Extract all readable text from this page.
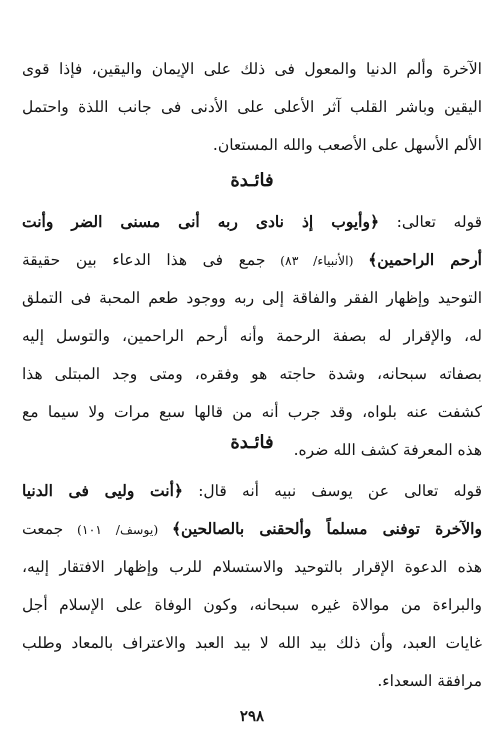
الآخرة وألم الدنيا والمعول فى ذلك على الإيمان واليقين، فإذا قوى
اليقين وباشر القلب آثر الأعلى على الأدنى فى جانب اللذة واحتمل
الألم الأسهل على الأصعب والله المستعان.
فائـدة
قوله تعالى: ﴿وأيوب إذ نادى ربه أنى مسنى الضر وأنت
أرحم الراحمين﴾ (الأنبياء/ ٨٣) جمع فى هذا الدعاء بين حقيقة
التوحيد وإظهار الفقر والفاقة إلى ربه ووجود طعم المحبة فى التملق
له، والإقرار له بصفة الرحمة وأنه أرحم الراحمين، والتوسل إليه
بصفاته سبحانه، وشدة حاجته هو وفقره، ومتى وجد المبتلى هذا
كشفت عنه بلواه، وقد جرب أنه من قالها سبع مرات ولا سيما مع
هذه المعرفة كشف الله ضره.
فائـدة
قوله تعالى عن يوسف نبيه أنه قال: ﴿أنت وليى فى الدنيا
والآخرة توفنى مسلماً وألحقنى بالصالحين﴾ (يوسف/ ١٠١) جمعت
هذه الدعوة الإقرار بالتوحيد والاستسلام للرب وإظهار الافتقار إليه،
والبراءة من موالاة غيره سبحانه، وكون الوفاة على الإسلام أجل
غايات العبد، وأن ذلك بيد الله لا بيد العبد والاعتراف بالمعاد وطلب
مرافقة السعداء.
٢٩٨
